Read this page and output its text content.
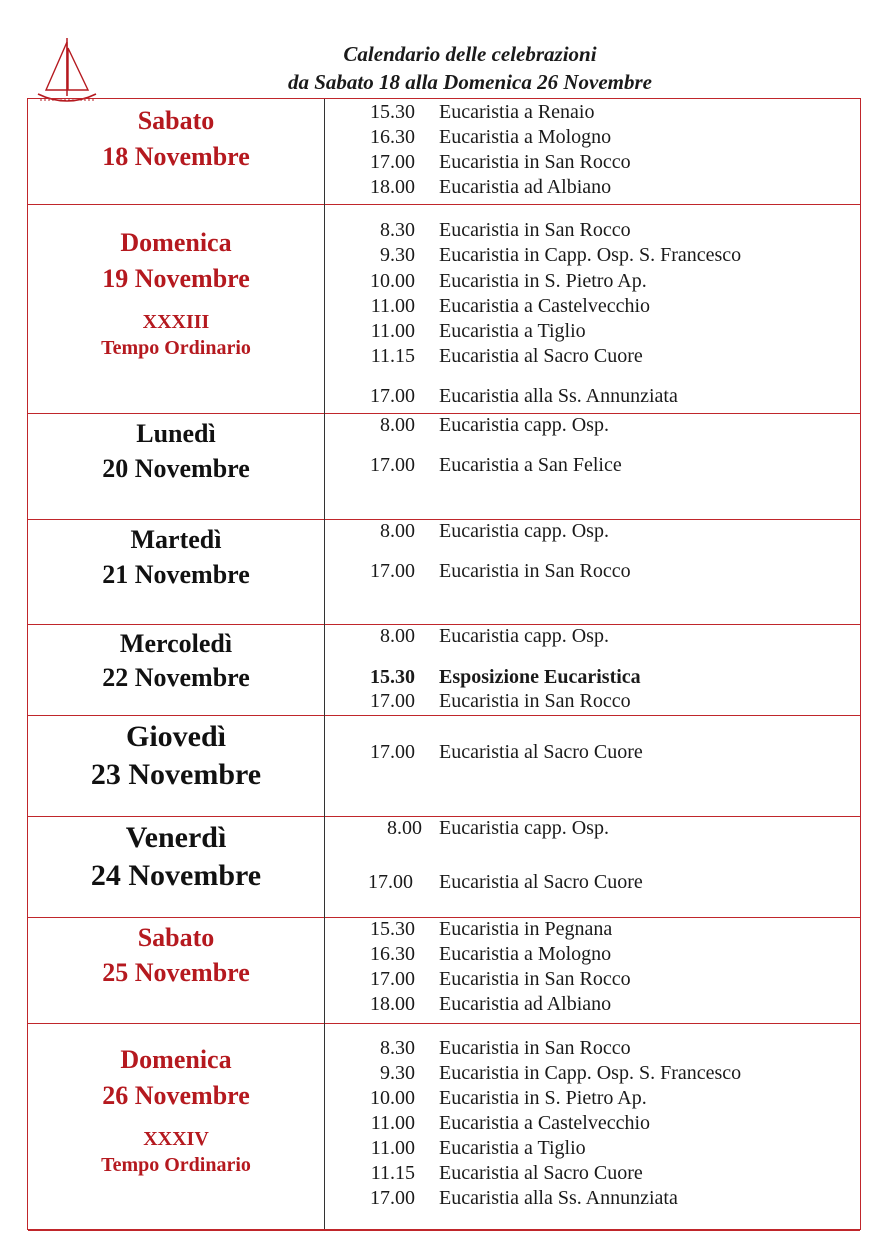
Calendario delle celebrazioni
da Sabato 18 alla Domenica 26 Novembre
Sabato
18 Novembre
15.30 Eucaristia a Renaio
16.30 Eucaristia a Mologno
17.00 Eucaristia in San Rocco
18.00 Eucaristia ad Albiano
Domenica
19 Novembre
XXXIII
Tempo Ordinario
8.30 Eucaristia in San Rocco
9.30 Eucaristia in Capp. Osp. S. Francesco
10.00 Eucaristia in S. Pietro Ap.
11.00 Eucaristia a Castelvecchio
11.00 Eucaristia a Tiglio
11.15 Eucaristia al Sacro Cuore
17.00 Eucaristia alla Ss. Annunziata
Lunedì
20 Novembre
8.00 Eucaristia capp. Osp.
17.00 Eucaristia a San Felice
Martedì
21 Novembre
8.00 Eucaristia capp. Osp.
17.00 Eucaristia in San Rocco
Mercoledì
22 Novembre
8.00 Eucaristia capp. Osp.
15.30 Esposizione Eucaristica
17.00 Eucaristia in San Rocco
Giovedì
23 Novembre
17.00 Eucaristia al Sacro Cuore
Venerdì
24 Novembre
8.00 Eucaristia capp. Osp.
17.00 Eucaristia al Sacro Cuore
Sabato
25 Novembre
15.30 Eucaristia in Pegnana
16.30 Eucaristia a Mologno
17.00 Eucaristia in San Rocco
18.00 Eucaristia ad Albiano
Domenica
26 Novembre
XXXIV
Tempo Ordinario
8.30 Eucaristia in San Rocco
9.30 Eucaristia in Capp. Osp. S. Francesco
10.00 Eucaristia in S. Pietro Ap.
11.00 Eucaristia a Castelvecchio
11.00 Eucaristia a Tiglio
11.15 Eucaristia al Sacro Cuore
17.00 Eucaristia alla Ss. Annunziata
